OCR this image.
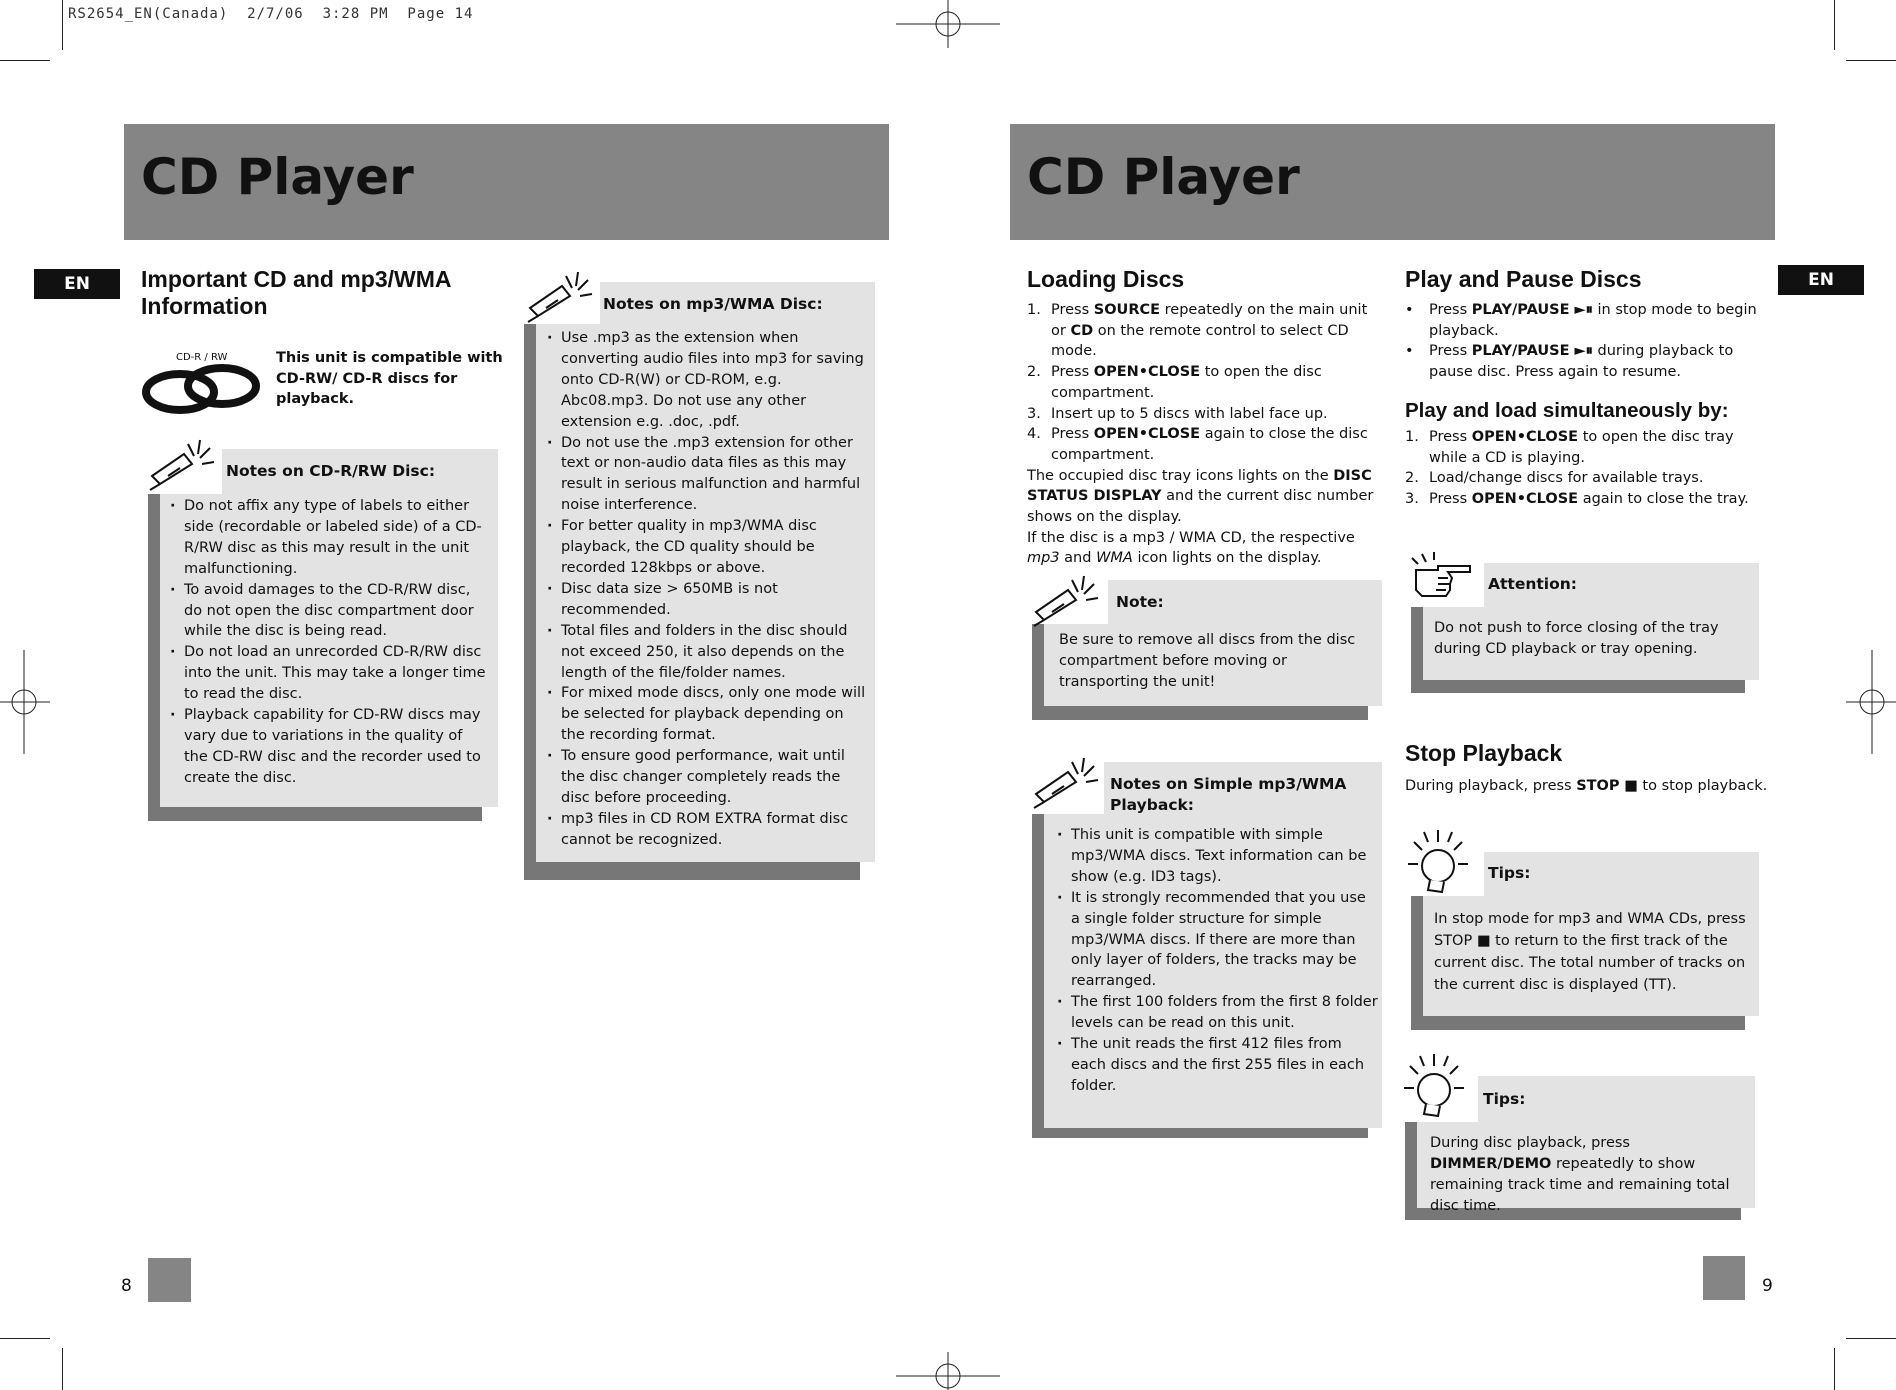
RS2654_EN(Canada)  2/7/06  3:28 PM  Page 14
CD Player
EN	Important CD and mp3/WMA
Information
CD-R / RW	This unit is compatible with
CD-RW/ CD-R discs for
playback.
Notes on CD-R/RW Disc:
· Do not affix any type of labels to either side (recordable or labeled side) of a CD-R/RW disc as this may result in the unit malfunctioning.
· To avoid damages to the CD-R/RW disc, do not open the disc compartment door while the disc is being read.
· Do not load an unrecorded CD-R/RW disc into the unit. This may take a longer time to read the disc.
· Playback capability for CD-RW discs may vary due to variations in the quality of the CD-RW disc and the recorder used to create the disc.
Notes on mp3/WMA Disc:
· Use .mp3 as the extension when converting audio files into mp3 for saving onto CD-R(W) or CD-ROM, e.g. Abc08.mp3. Do not use any other extension e.g. .doc, .pdf.
· Do not use the .mp3 extension for other text or non-audio data files as this may result in serious malfunction and harmful noise interference.
· For better quality in mp3/WMA disc playback, the CD quality should be recorded 128kbps or above.
· Disc data size > 650MB is not recommended.
· Total files and folders in the disc should not exceed 250, it also depends on the length of the file/folder names.
· For mixed mode discs, only one mode will be selected for playback depending on the recording format.
· To ensure good performance, wait until the disc changer completely reads the disc before proceeding.
· mp3 files in CD ROM EXTRA format disc cannot be recognized.
8
CD Player
EN
Loading Discs
1. Press SOURCE repeatedly on the main unit or CD on the remote control to select CD mode.
2. Press OPEN•CLOSE to open the disc compartment.
3. Insert up to 5 discs with label face up.
4. Press OPEN•CLOSE again to close the disc compartment.
The occupied disc tray icons lights on the DISC STATUS DISPLAY and the current disc number shows on the display.
If the disc is a mp3 / WMA CD, the respective mp3 and WMA icon lights on the display.
Note:
Be sure to remove all discs from the disc compartment before moving or transporting the unit!
Notes on Simple mp3/WMA
Playback:
· This unit is compatible with simple mp3/WMA discs. Text information can be show (e.g. ID3 tags).
· It is strongly recommended that you use a single folder structure for simple mp3/WMA discs. If there are more than only layer of folders, the tracks may be rearranged.
· The first 100 folders from the first 8 folder levels can be read on this unit.
· The unit reads the first 412 files from each discs and the first 255 files in each folder.
Play and Pause Discs
• Press PLAY/PAUSE ►⏸ in stop mode to begin playback.
• Press PLAY/PAUSE ►⏸ during playback to pause disc. Press again to resume.
Play and load simultaneously by:
1. Press OPEN•CLOSE to open the disc tray while a CD is playing.
2. Load/change discs for available trays.
3. Press OPEN•CLOSE again to close the tray.
Attention:
Do not push to force closing of the tray during CD playback or tray opening.
Stop Playback
During playback, press STOP ■ to stop playback.
Tips:
In stop mode for mp3 and WMA CDs, press STOP ■ to return to the first track of the current disc. The total number of tracks on the current disc is displayed (TT).
Tips:
During disc playback, press DIMMER/DEMO repeatedly to show remaining track time and remaining total disc time.
9
